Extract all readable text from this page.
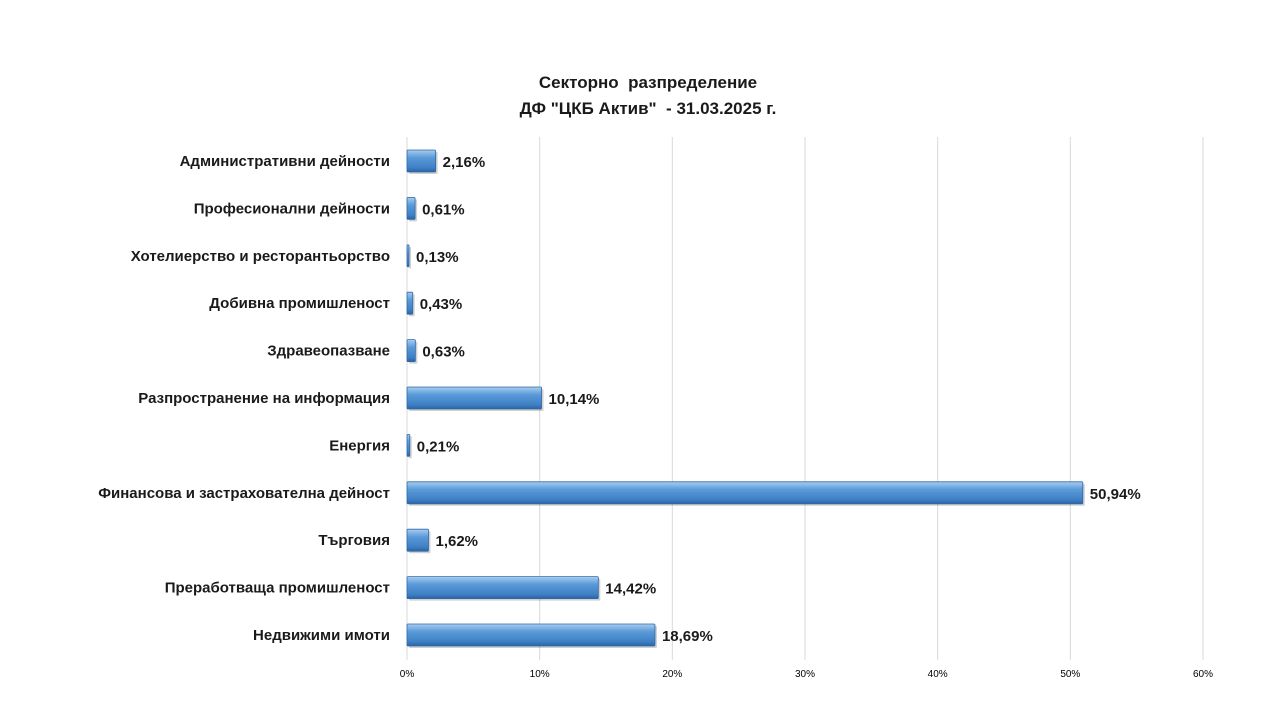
Секторно  разпределение
ДФ "ЦКБ Актив"  - 31.03.2025 г.
0%	10%	20%	30%	40%	50%	60%
Административни дейности	2,16%
Професионални дейности 0,61%
Хотелиерство и ресторантьорство 0,13%
Добивна промишленост 0,43%
Здравеопазване 0,63%
Разпространение на информация	10,14%
Енергия 0,21%
Финансова и застрахователна дейност	50,94%
Търговия	1,62%
Преработваща промишленост	14,42%
Недвижими имоти	18,69%
